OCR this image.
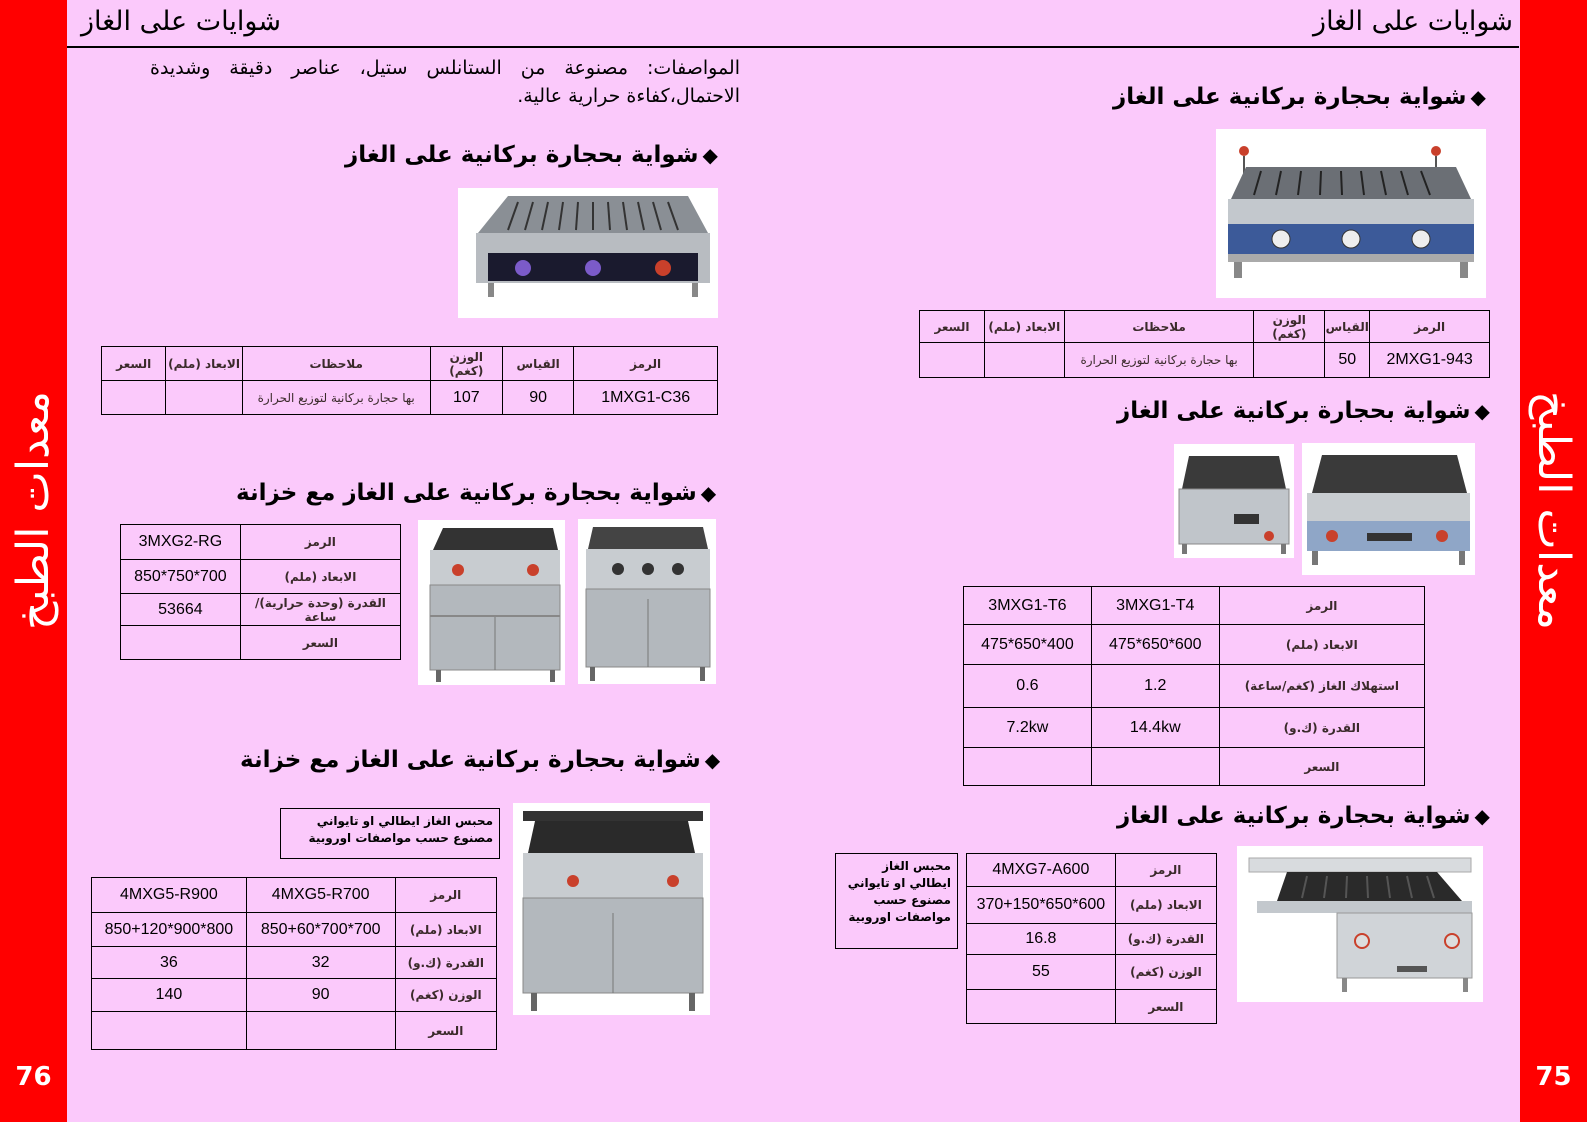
معدات الطبخ
76
معدات الطبخ
75
شوايات على الغاز	شوايات على الغاز
المواصفات: مصنوعة من الستانلس ستيل، عناصر دقيقة وشديدة الاحتمال،كفاءة حرارية عالية.
◆شواية بحجارة بركانية على الغاز
الرمز	القياس	الوزن (كغم)	ملاحظات	الابعاد (ملم)	السعر
1MXG1-C36	90	107	بها حجارة بركانية لتوزيع الحرارة		
◆شواية بحجارة بركانية على الغاز مع خزانة
الرمز	3MXG2-RG
الابعاد (ملم)	700*750*850
القدرة (وحدة حرارية)/ساعة	53664
السعر	
◆شواية بحجارة بركانية على الغاز مع خزانة
محبس الغاز ايطالي او تايواني
مصنوع حسب مواصفات اوروبية
الرمز	4MXG5-R700	4MXG5-R900
الابعاد (ملم)	700*700*850+60	800*900*850+120
القدرة (ك.و)	32	36
الوزن (كغم)	90	140
السعر		
◆شواية بحجارة بركانية على الغاز
الرمز	القياس	الوزن (كغم)	ملاحظات	الابعاد (ملم)	السعر
2MXG1-943	50		بها حجارة بركانية لتوزيع الحرارة		
◆شواية بحجارة بركانية على الغاز
الرمز	3MXG1-T4	3MXG1-T6
الابعاد (ملم)	600*650*475	400*650*475
استهلاك الغاز (كغم/ساعة)	1.2	0.6
القدرة (ك.و)	14.4kw	7.2kw
السعر		
◆شواية بحجارة بركانية على الغاز
محبس الغاز
ايطالي او تايواني
مصنوع حسب
مواصفات اوروبية
الرمز	4MXG7-A600
الابعاد (ملم)	600*650*370+150
القدرة (ك.و)	16.8
الوزن (كغم)	55
السعر	
